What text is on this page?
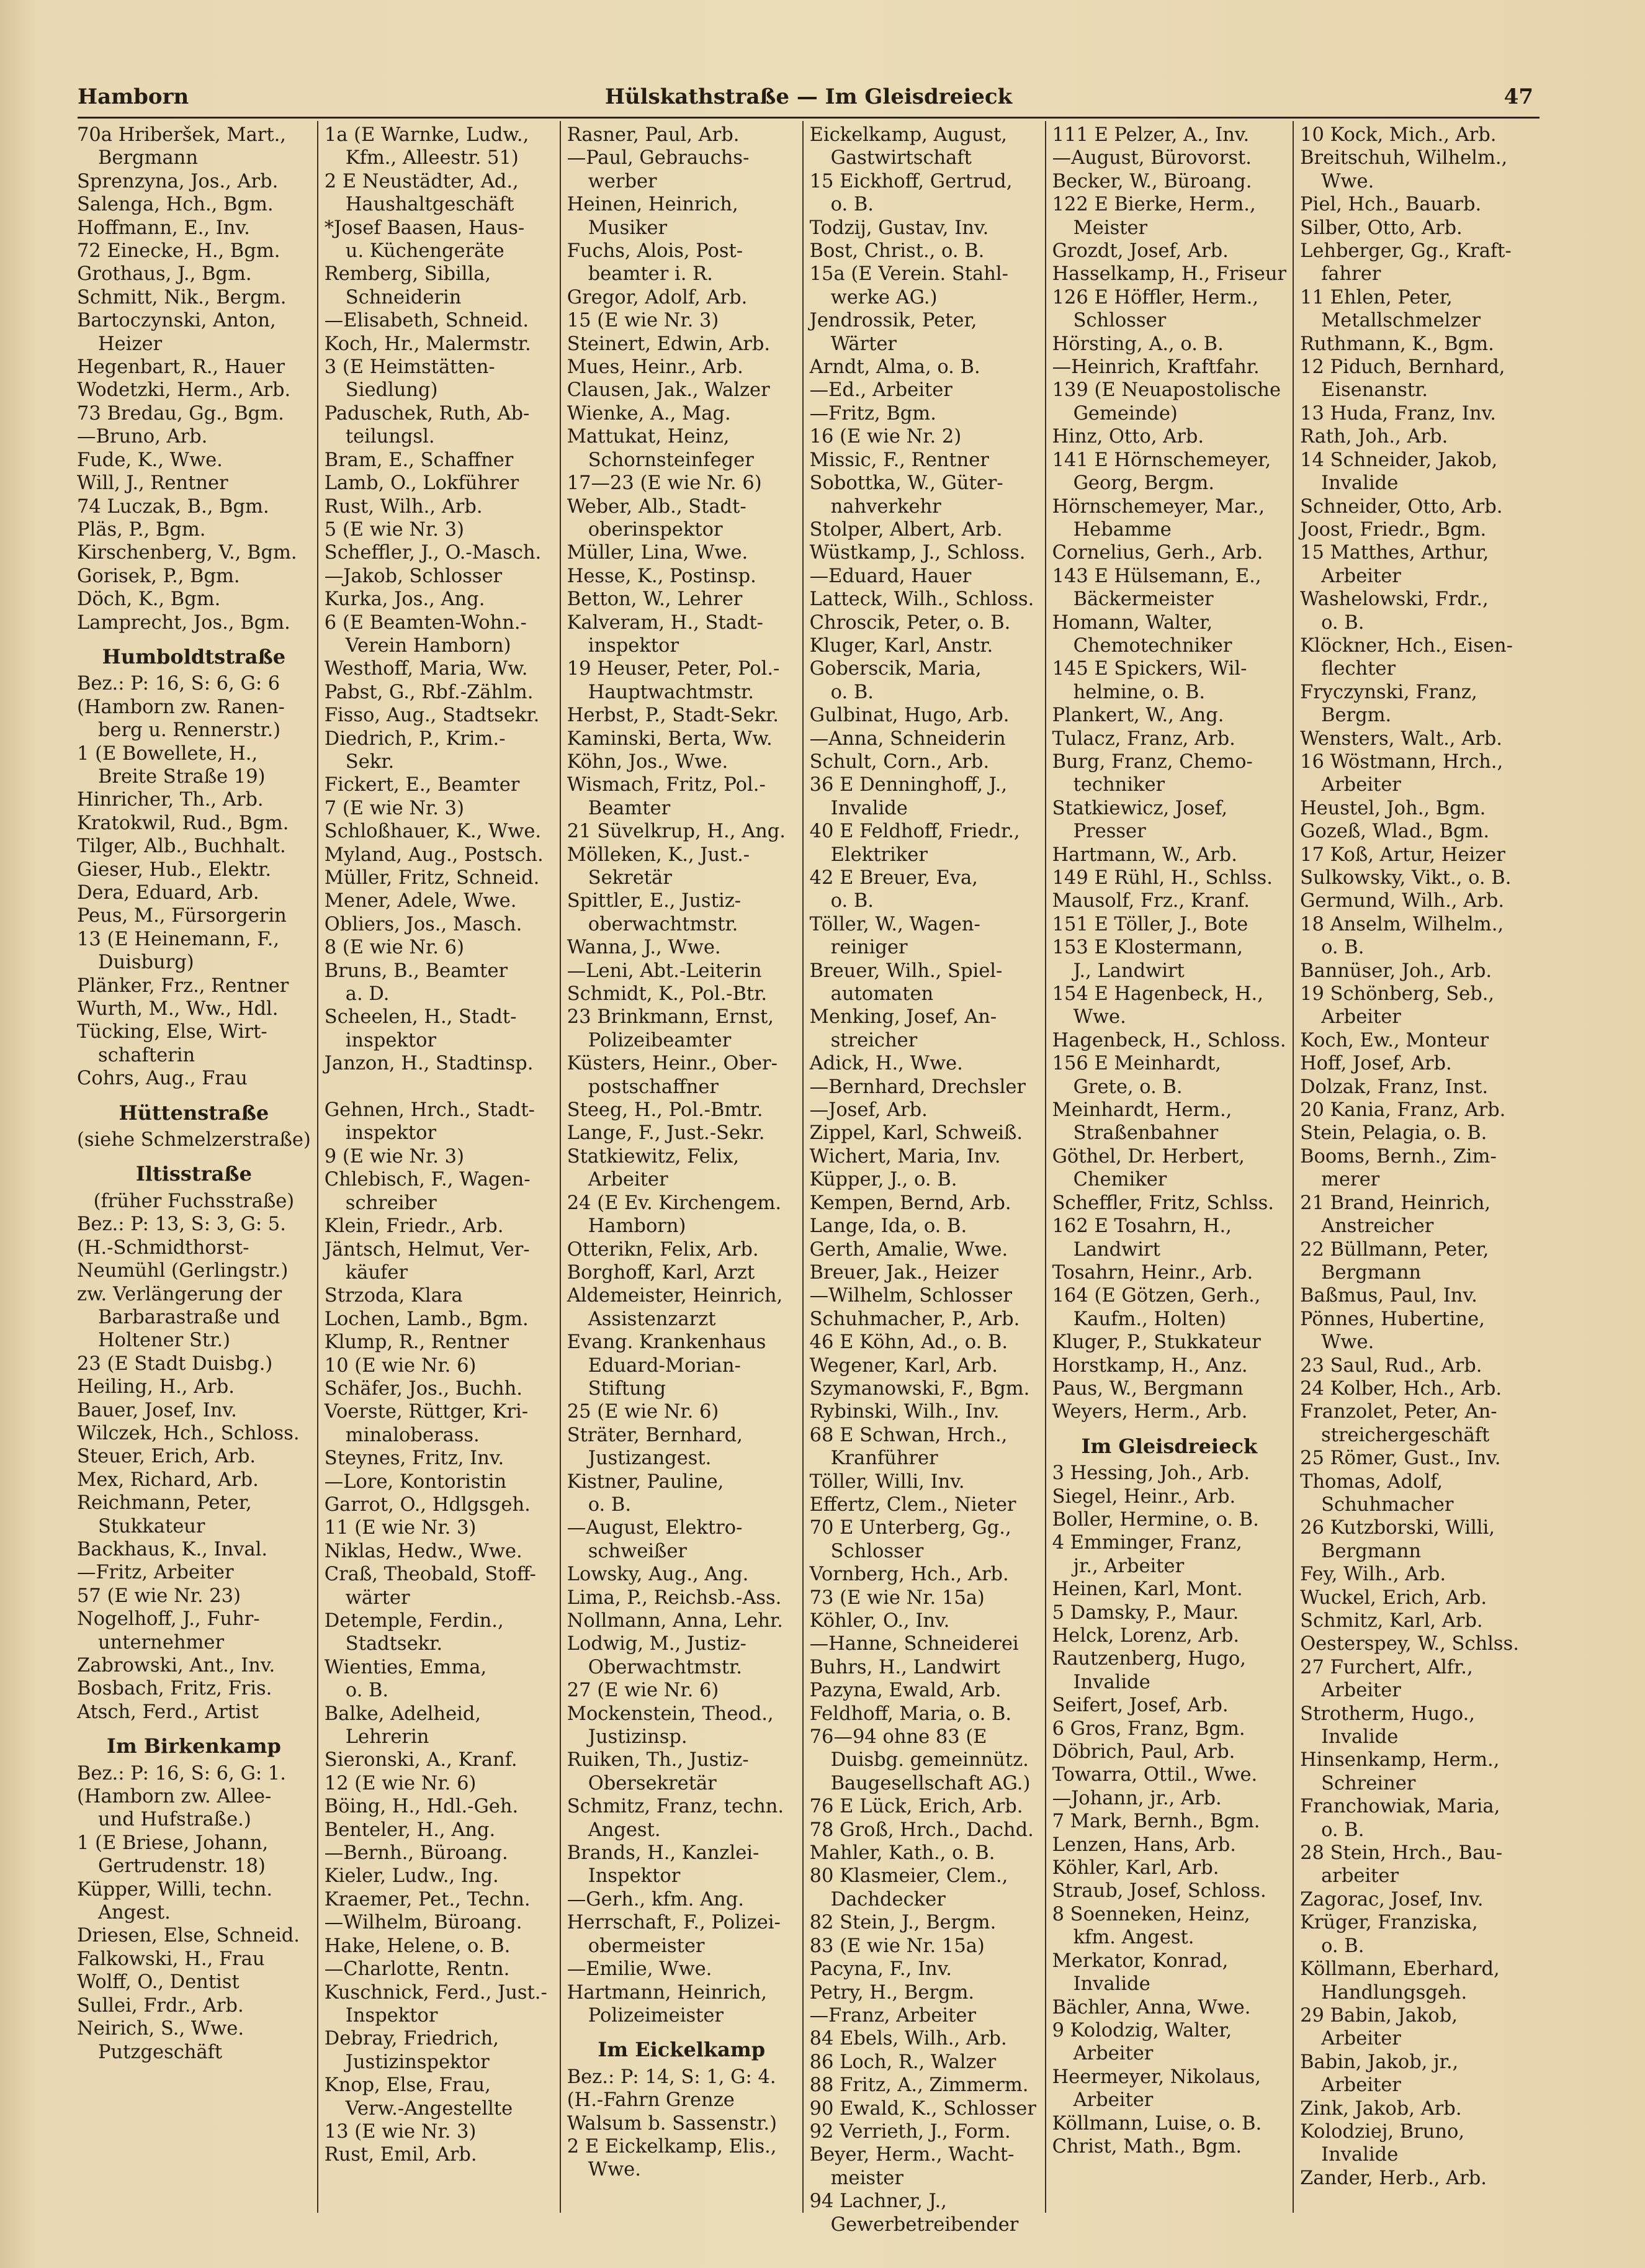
Hamborn	Hülskathstraße — Im Gleisdreieck	47
70a Hriberšek, Mart.,
Bergmann
Sprenzyna, Jos., Arb.
Salenga, Hch., Bgm.
Hoffmann, E., Inv.
72 Einecke, H., Bgm.
Grothaus, J., Bgm.
Schmitt, Nik., Bergm.
Bartoczynski, Anton,
Heizer
Hegenbart, R., Hauer
Wodetzki, Herm., Arb.
73 Bredau, Gg., Bgm.
—Bruno, Arb.
Fude, K., Wwe.
Will, J., Rentner
74 Luczak, B., Bgm.
Pläs, P., Bgm.
Kirschenberg, V., Bgm.
Gorisek, P., Bgm.
Döch, K., Bgm.
Lamprecht, Jos., Bgm.
Humboldtstraße
Bez.: P: 16, S: 6, G: 6
(Hamborn zw. Ranen-
berg u. Rennerstr.)
1 (E Bowellete, H.,
Breite Straße 19)
Hinricher, Th., Arb.
Kratokwil, Rud., Bgm.
Tilger, Alb., Buchhalt.
Gieser, Hub., Elektr.
Dera, Eduard, Arb.
Peus, M., Fürsorgerin
13 (E Heinemann, F.,
Duisburg)
Plänker, Frz., Rentner
Wurth, M., Ww., Hdl.
Tücking, Else, Wirt-
schafterin
Cohrs, Aug., Frau
Hüttenstraße
(siehe Schmelzerstraße)
Iltisstraße
(früher Fuchsstraße)
Bez.: P: 13, S: 3, G: 5.
(H.-Schmidthorst-
Neumühl (Gerlingstr.)
zw. Verlängerung der
Barbarastraße und
Holtener Str.)
23 (E Stadt Duisbg.)
Heiling, H., Arb.
Bauer, Josef, Inv.
Wilczek, Hch., Schloss.
Steuer, Erich, Arb.
Mex, Richard, Arb.
Reichmann, Peter,
Stukkateur
Backhaus, K., Inval.
—Fritz, Arbeiter
57 (E wie Nr. 23)
Nogelhoff, J., Fuhr-
unternehmer
Zabrowski, Ant., Inv.
Bosbach, Fritz, Fris.
Atsch, Ferd., Artist
Im Birkenkamp
Bez.: P: 16, S: 6, G: 1.
(Hamborn zw. Allee-
und Hufstraße.)
1 (E Briese, Johann,
Gertrudenstr. 18)
Küpper, Willi, techn.
Angest.
Driesen, Else, Schneid.
Falkowski, H., Frau
Wolff, O., Dentist
Sullei, Frdr., Arb.
Neirich, S., Wwe.
Putzgeschäft
1a (E Warnke, Ludw.,
Kfm., Alleestr. 51)
2 E Neustädter, Ad.,
Haushaltgeschäft
*Josef Baasen, Haus-
u. Küchengeräte
Remberg, Sibilla,
Schneiderin
—Elisabeth, Schneid.
Koch, Hr., Malermstr.
3 (E Heimstätten-
Siedlung)
Paduschek, Ruth, Ab-
teilungsl.
Bram, E., Schaffner
Lamb, O., Lokführer
Rust, Wilh., Arb.
5 (E wie Nr. 3)
Scheffler, J., O.-Masch.
—Jakob, Schlosser
Kurka, Jos., Ang.
6 (E Beamten-Wohn.-
Verein Hamborn)
Westhoff, Maria, Ww.
Pabst, G., Rbf.-Zählm.
Fisso, Aug., Stadtsekr.
Diedrich, P., Krim.-
Sekr.
Fickert, E., Beamter
7 (E wie Nr. 3)
Schloßhauer, K., Wwe.
Myland, Aug., Postsch.
Müller, Fritz, Schneid.
Mener, Adele, Wwe.
Obliers, Jos., Masch.
8 (E wie Nr. 6)
Bruns, B., Beamter
a. D.
Scheelen, H., Stadt-
inspektor
Janzon, H., Stadtinsp.

Gehnen, Hrch., Stadt-
inspektor
9 (E wie Nr. 3)
Chlebisch, F., Wagen-
schreiber
Klein, Friedr., Arb.
Jäntsch, Helmut, Ver-
käufer
Strzoda, Klara
Lochen, Lamb., Bgm.
Klump, R., Rentner
10 (E wie Nr. 6)
Schäfer, Jos., Buchh.
Voerste, Rüttger, Kri-
minaloberass.
Steynes, Fritz, Inv.
—Lore, Kontoristin
Garrot, O., Hdlgsgeh.
11 (E wie Nr. 3)
Niklas, Hedw., Wwe.
Craß, Theobald, Stoff-
wärter
Detemple, Ferdin.,
Stadtsekr.
Wienties, Emma,
o. B.
Balke, Adelheid,
Lehrerin
Sieronski, A., Kranf.
12 (E wie Nr. 6)
Böing, H., Hdl.-Geh.
Benteler, H., Ang.
—Bernh., Büroang.
Kieler, Ludw., Ing.
Kraemer, Pet., Techn.
—Wilhelm, Büroang.
Hake, Helene, o. B.
—Charlotte, Rentn.
Kuschnick, Ferd., Just.-
Inspektor
Debray, Friedrich,
Justizinspektor
Knop, Else, Frau,
Verw.-Angestellte
13 (E wie Nr. 3)
Rust, Emil, Arb.
Rasner, Paul, Arb.
—Paul, Gebrauchs-
werber
Heinen, Heinrich,
Musiker
Fuchs, Alois, Post-
beamter i. R.
Gregor, Adolf, Arb.
15 (E wie Nr. 3)
Steinert, Edwin, Arb.
Mues, Heinr., Arb.
Clausen, Jak., Walzer
Wienke, A., Mag.
Mattukat, Heinz,
Schornsteinfeger
17—23 (E wie Nr. 6)
Weber, Alb., Stadt-
oberinspektor
Müller, Lina, Wwe.
Hesse, K., Postinsp.
Betton, W., Lehrer
Kalveram, H., Stadt-
inspektor
19 Heuser, Peter, Pol.-
Hauptwachtmstr.
Herbst, P., Stadt-Sekr.
Kaminski, Berta, Ww.
Köhn, Jos., Wwe.
Wismach, Fritz, Pol.-
Beamter
21 Süvelkrup, H., Ang.
Mölleken, K., Just.-
Sekretär
Spittler, E., Justiz-
oberwachtmstr.
Wanna, J., Wwe.
—Leni, Abt.-Leiterin
Schmidt, K., Pol.-Btr.
23 Brinkmann, Ernst,
Polizeibeamter
Küsters, Heinr., Ober-
postschaffner
Steeg, H., Pol.-Bmtr.
Lange, F., Just.-Sekr.
Statkiewitz, Felix,
Arbeiter
24 (E Ev. Kirchengem.
Hamborn)
Otterikn, Felix, Arb.
Borghoff, Karl, Arzt
Aldemeister, Heinrich,
Assistenzarzt
Evang. Krankenhaus
Eduard-Morian-
Stiftung
25 (E wie Nr. 6)
Sträter, Bernhard,
Justizangest.
Kistner, Pauline,
o. B.
—August, Elektro-
schweißer
Lowsky, Aug., Ang.
Lima, P., Reichsb.-Ass.
Nollmann, Anna, Lehr.
Lodwig, M., Justiz-
Oberwachtmstr.
27 (E wie Nr. 6)
Mockenstein, Theod.,
Justizinsp.
Ruiken, Th., Justiz-
Obersekretär
Schmitz, Franz, techn.
Angest.
Brands, H., Kanzlei-
Inspektor
—Gerh., kfm. Ang.
Herrschaft, F., Polizei-
obermeister
—Emilie, Wwe.
Hartmann, Heinrich,
Polizeimeister
Im Eickelkamp
Bez.: P: 14, S: 1, G: 4.
(H.-Fahrn Grenze
Walsum b. Sassenstr.)
2 E Eickelkamp, Elis.,
Wwe.
Eickelkamp, August,
Gastwirtschaft
15 Eickhoff, Gertrud,
o. B.
Todzij, Gustav, Inv.
Bost, Christ., o. B.
15a (E Verein. Stahl-
werke AG.)
Jendrossik, Peter,
Wärter
Arndt, Alma, o. B.
—Ed., Arbeiter
—Fritz, Bgm.
16 (E wie Nr. 2)
Missic, F., Rentner
Sobottka, W., Güter-
nahverkehr
Stolper, Albert, Arb.
Wüstkamp, J., Schloss.
—Eduard, Hauer
Latteck, Wilh., Schloss.
Chroscik, Peter, o. B.
Kluger, Karl, Anstr.
Goberscik, Maria,
o. B.
Gulbinat, Hugo, Arb.
—Anna, Schneiderin
Schult, Corn., Arb.
36 E Denninghoff, J.,
Invalide
40 E Feldhoff, Friedr.,
Elektriker
42 E Breuer, Eva,
o. B.
Töller, W., Wagen-
reiniger
Breuer, Wilh., Spiel-
automaten
Menking, Josef, An-
streicher
Adick, H., Wwe.
—Bernhard, Drechsler
—Josef, Arb.
Zippel, Karl, Schweiß.
Wichert, Maria, Inv.
Küpper, J., o. B.
Kempen, Bernd, Arb.
Lange, Ida, o. B.
Gerth, Amalie, Wwe.
Breuer, Jak., Heizer
—Wilhelm, Schlosser
Schuhmacher, P., Arb.
46 E Köhn, Ad., o. B.
Wegener, Karl, Arb.
Szymanowski, F., Bgm.
Rybinski, Wilh., Inv.
68 E Schwan, Hrch.,
Kranführer
Töller, Willi, Inv.
Effertz, Clem., Nieter
70 E Unterberg, Gg.,
Schlosser
Vornberg, Hch., Arb.
73 (E wie Nr. 15a)
Köhler, O., Inv.
—Hanne, Schneiderei
Buhrs, H., Landwirt
Pazyna, Ewald, Arb.
Feldhoff, Maria, o. B.
76—94 ohne 83 (E
Duisbg. gemeinnütz.
Baugesellschaft AG.)
76 E Lück, Erich, Arb.
78 Groß, Hrch., Dachd.
Mahler, Kath., o. B.
80 Klasmeier, Clem.,
Dachdecker
82 Stein, J., Bergm.
83 (E wie Nr. 15a)
Pacyna, F., Inv.
Petry, H., Bergm.
—Franz, Arbeiter
84 Ebels, Wilh., Arb.
86 Loch, R., Walzer
88 Fritz, A., Zimmerm.
90 Ewald, K., Schlosser
92 Verrieth, J., Form.
Beyer, Herm., Wacht-
meister
94 Lachner, J.,
Gewerbetreibender
111 E Pelzer, A., Inv.
—August, Bürovorst.
Becker, W., Büroang.
122 E Bierke, Herm.,
Meister
Grozdt, Josef, Arb.
Hasselkamp, H., Friseur
126 E Höffler, Herm.,
Schlosser
Hörsting, A., o. B.
—Heinrich, Kraftfahr.
139 (E Neuapostolische
Gemeinde)
Hinz, Otto, Arb.
141 E Hörnschemeyer,
Georg, Bergm.
Hörnschemeyer, Mar.,
Hebamme
Cornelius, Gerh., Arb.
143 E Hülsemann, E.,
Bäckermeister
Homann, Walter,
Chemotechniker
145 E Spickers, Wil-
helmine, o. B.
Plankert, W., Ang.
Tulacz, Franz, Arb.
Burg, Franz, Chemo-
techniker
Statkiewicz, Josef,
Presser
Hartmann, W., Arb.
149 E Rühl, H., Schlss.
Mausolf, Frz., Kranf.
151 E Töller, J., Bote
153 E Klostermann,
J., Landwirt
154 E Hagenbeck, H.,
Wwe.
Hagenbeck, H., Schloss.
156 E Meinhardt,
Grete, o. B.
Meinhardt, Herm.,
Straßenbahner
Göthel, Dr. Herbert,
Chemiker
Scheffler, Fritz, Schlss.
162 E Tosahrn, H.,
Landwirt
Tosahrn, Heinr., Arb.
164 (E Götzen, Gerh.,
Kaufm., Holten)
Kluger, P., Stukkateur
Horstkamp, H., Anz.
Paus, W., Bergmann
Weyers, Herm., Arb.
Im Gleisdreieck
3 Hessing, Joh., Arb.
Siegel, Heinr., Arb.
Boller, Hermine, o. B.
4 Emminger, Franz,
jr., Arbeiter
Heinen, Karl, Mont.
5 Damsky, P., Maur.
Helck, Lorenz, Arb.
Rautzenberg, Hugo,
Invalide
Seifert, Josef, Arb.
6 Gros, Franz, Bgm.
Döbrich, Paul, Arb.
Towarra, Ottil., Wwe.
—Johann, jr., Arb.
7 Mark, Bernh., Bgm.
Lenzen, Hans, Arb.
Köhler, Karl, Arb.
Straub, Josef, Schloss.
8 Soenneken, Heinz,
kfm. Angest.
Merkator, Konrad,
Invalide
Bächler, Anna, Wwe.
9 Kolodzig, Walter,
Arbeiter
Heermeyer, Nikolaus,
Arbeiter
Köllmann, Luise, o. B.
Christ, Math., Bgm.
10 Kock, Mich., Arb.
Breitschuh, Wilhelm.,
Wwe.
Piel, Hch., Bauarb.
Silber, Otto, Arb.
Lehberger, Gg., Kraft-
fahrer
11 Ehlen, Peter,
Metallschmelzer
Ruthmann, K., Bgm.
12 Piduch, Bernhard,
Eisenanstr.
13 Huda, Franz, Inv.
Rath, Joh., Arb.
14 Schneider, Jakob,
Invalide
Schneider, Otto, Arb.
Joost, Friedr., Bgm.
15 Matthes, Arthur,
Arbeiter
Washelowski, Frdr.,
o. B.
Klöckner, Hch., Eisen-
flechter
Fryczynski, Franz,
Bergm.
Wensters, Walt., Arb.
16 Wöstmann, Hrch.,
Arbeiter
Heustel, Joh., Bgm.
Gozeß, Wlad., Bgm.
17 Koß, Artur, Heizer
Sulkowsky, Vikt., o. B.
Germund, Wilh., Arb.
18 Anselm, Wilhelm.,
o. B.
Bannüser, Joh., Arb.
19 Schönberg, Seb.,
Arbeiter
Koch, Ew., Monteur
Hoff, Josef, Arb.
Dolzak, Franz, Inst.
20 Kania, Franz, Arb.
Stein, Pelagia, o. B.
Booms, Bernh., Zim-
merer
21 Brand, Heinrich,
Anstreicher
22 Büllmann, Peter,
Bergmann
Baßmus, Paul, Inv.
Pönnes, Hubertine,
Wwe.
23 Saul, Rud., Arb.
24 Kolber, Hch., Arb.
Franzolet, Peter, An-
streichergeschäft
25 Römer, Gust., Inv.
Thomas, Adolf,
Schuhmacher
26 Kutzborski, Willi,
Bergmann
Fey, Wilh., Arb.
Wuckel, Erich, Arb.
Schmitz, Karl, Arb.
Oesterspey, W., Schlss.
27 Furchert, Alfr.,
Arbeiter
Strotherm, Hugo.,
Invalide
Hinsenkamp, Herm.,
Schreiner
Franchowiak, Maria,
o. B.
28 Stein, Hrch., Bau-
arbeiter
Zagorac, Josef, Inv.
Krüger, Franziska,
o. B.
Köllmann, Eberhard,
Handlungsgeh.
29 Babin, Jakob,
Arbeiter
Babin, Jakob, jr.,
Arbeiter
Zink, Jakob, Arb.
Kolodziej, Bruno,
Invalide
Zander, Herb., Arb.
